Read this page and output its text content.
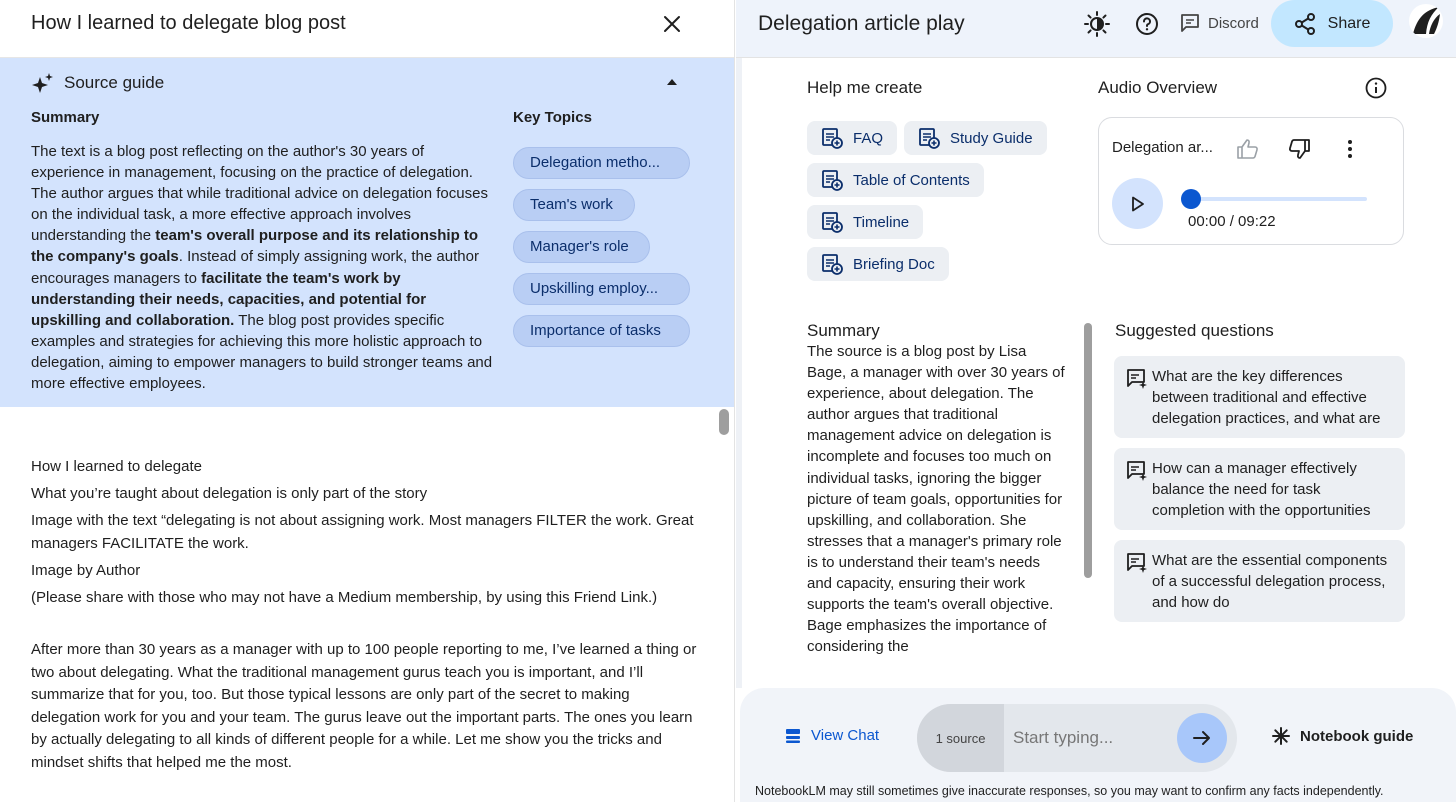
How I learned to delegate blog post
Source guide
Summary
The text is a blog post reflecting on the author's 30 years of experience in management, focusing on the practice of delegation. The author argues that while traditional advice on delegation focuses on the individual task, a more effective approach involves understanding the team's overall purpose and its relationship to the company's goals. Instead of simply assigning work, the author encourages managers to facilitate the team's work by understanding their needs, capacities, and potential for upskilling and collaboration. The blog post provides specific examples and strategies for achieving this more holistic approach to delegation, aiming to empower managers to build stronger teams and more effective employees.
Key Topics
Delegation metho...
Team's work
Manager's role
Upskilling employ...
Importance of tasks

How I learned to delegate

What you’re taught about delegation is only part of the story

Image with the text “delegating is not about assigning work. Most managers FILTER the work. Great managers FACILITATE the work.

Image by Author

(Please share with those who may not have a Medium membership, by using this Friend Link.)

After more than 30 years as a manager with up to 100 people reporting to me, I’ve learned a thing or two about delegating. What the traditional management gurus teach you is important, and I’ll summarize that for you, too. But those typical lessons are only part of the secret to making delegation work for you and your team. The gurus leave out the important parts. The ones you learn by actually delegating to all kinds of different people for a while. Let me show you the tricks and mindset shifts that helped me the most.

Delegation article play	Discord	Share
Help me create
FAQ	Study Guide
Table of Contents
Timeline
Briefing Doc
Audio Overview
Delegation ar...
00:00 / 09:22
Summary
The source is a blog post by Lisa Bage, a manager with over 30 years of experience, about delegation. The author argues that traditional management advice on delegation is incomplete and focuses too much on individual tasks, ignoring the bigger picture of team goals, opportunities for upskilling, and collaboration. She stresses that a manager's primary role is to understand their team's needs and capacity, ensuring their work supports the team's overall objective. Bage emphasizes the importance of considering the
Suggested questions
What are the key differences between traditional and effective delegation practices, and what are
How can a manager effectively balance the need for task completion with the opportunities
What are the essential components of a successful delegation process, and how do
View Chat	1 source
Start typing...	Notebook guide
NotebookLM may still sometimes give inaccurate responses, so you may want to confirm any facts independently.
